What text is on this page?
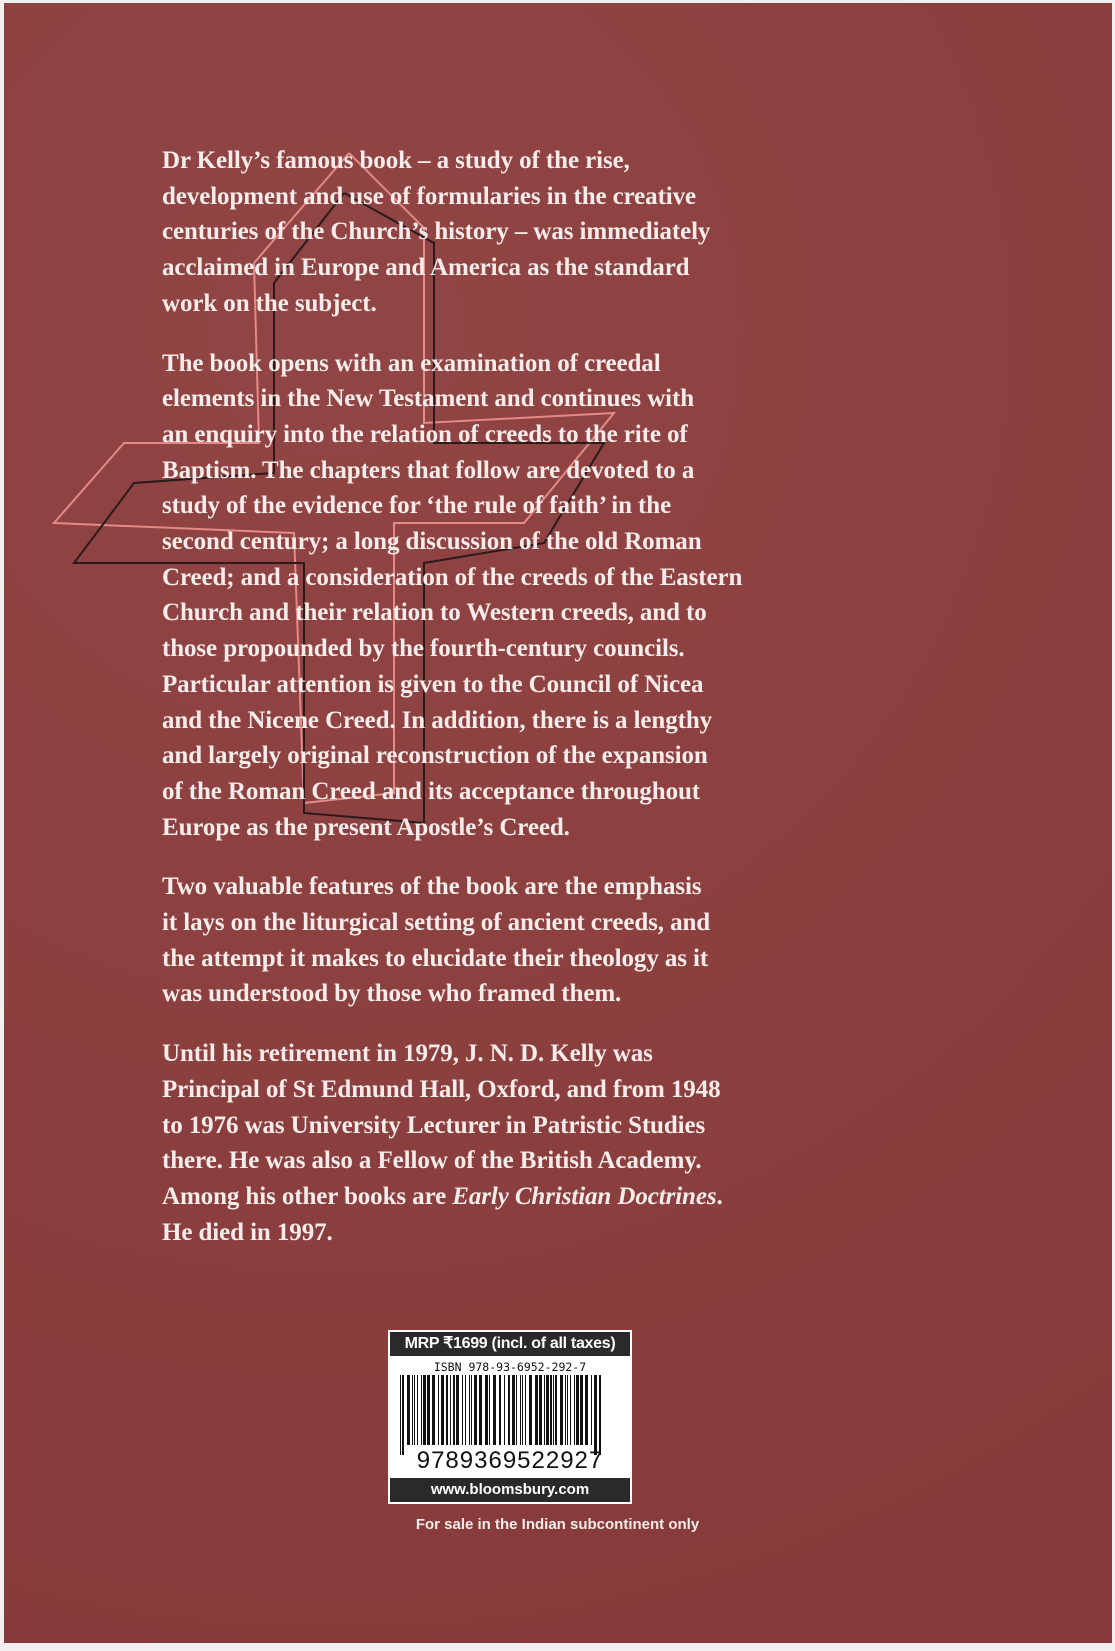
Dr Kelly’s famous book – a study of the rise,
development and use of formularies in the creative
centuries of the Church’s history – was immediately
acclaimed in Europe and America as the standard
work on the subject.

The book opens with an examination of creedal
elements in the New Testament and continues with
an enquiry into the relation of creeds to the rite of
Baptism. The chapters that follow are devoted to a
study of the evidence for ‘the rule of faith’ in the
second century; a long discussion of the old Roman
Creed; and a consideration of the creeds of the Eastern
Church and their relation to Western creeds, and to
those propounded by the fourth-century councils.
Particular attention is given to the Council of Nicea
and the Nicene Creed. In addition, there is a lengthy
and largely original reconstruction of the expansion
of the Roman Creed and its acceptance throughout
Europe as the present Apostle’s Creed.

Two valuable features of the book are the emphasis
it lays on the liturgical setting of ancient creeds, and
the attempt it makes to elucidate their theology as it
was understood by those who framed them.

Until his retirement in 1979, J. N. D. Kelly was
Principal of St Edmund Hall, Oxford, and from 1948
to 1976 was University Lecturer in Patristic Studies
there. He was also a Fellow of the British Academy.
Among his other books are Early Christian Doctrines.
He died in 1997.

MRP ₹1699 (incl. of all taxes)
ISBN 978-93-6952-292-7
9789369522927
www.bloomsbury.com
For sale in the Indian subcontinent only
